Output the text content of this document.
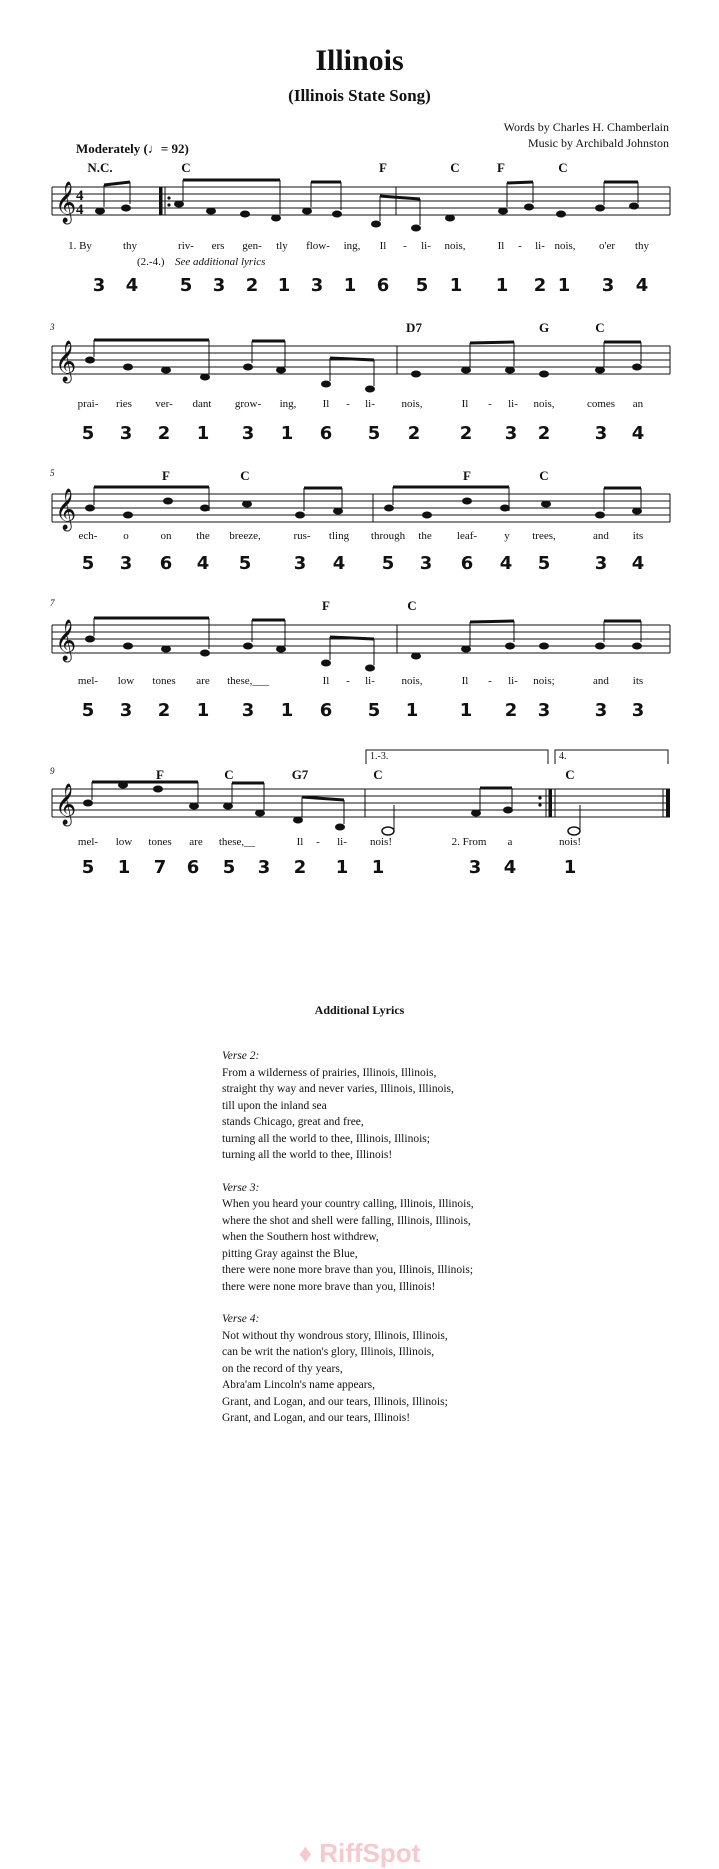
Illinois
(Illinois State Song)
Words by Charles H. Chamberlain
Music by Archibald Johnston
Moderately (♩= 92)
𝄞
𝄞
𝄞
𝄞
𝄞
4
4
3
5
7
9
1.-3.	4.
(2.-4.) See additional lyrics
N.C.	C	F	C	F	C
1. By	thy	riv- ers gen- tly flow- ing, Il - li- nois,	Il - li- nois, o'er thy
3 4 5 3 2 1 3 1 6 5 1 1 2 1 3 4
D7	G	C
prai- ries ver- dant grow- ing, Il - li- nois,	Il - li- nois,	comes an
5 3 2 1 3 1 6 5 2 2 3 2 3 4
F	C	F	C
ech- o	on the breeze,	rus- tling through the leaf- y trees,	and its
5 3 6 4 5 3 4 5 3 6 4 5 3 4
F	C
mel- low tones are these,___	Il - li- nois,	Il - li- nois;	and its
5 3 2 1 3 1 6 5 1 1 2 3 3 3
F	C	G7	C	C
mel- low tones are these,__	Il - li- nois!	2. From a	nois!
5 1 7 6 5 3 2 1 1	3 4	1
Additional Lyrics
Verse 2:
From a wilderness of prairies, Illinois, Illinois,
straight thy way and never varies, Illinois, Illinois,
till upon the inland sea
stands Chicago, great and free,
turning all the world to thee, Illinois, Illinois;
turning all the world to thee, Illinois!
Verse 3:
When you heard your country calling, Illinois, Illinois,
where the shot and shell were falling, Illinois, Illinois,
when the Southern host withdrew,
pitting Gray against the Blue,
there were none more brave than you, Illinois, Illinois;
there were none more brave than you, Illinois!
Verse 4:
Not without thy wondrous story, Illinois, Illinois,
can be writ the nation's glory, Illinois, Illinois,
on the record of thy years,
Abra'am Lincoln's name appears,
Grant, and Logan, and our tears, Illinois, Illinois;
Grant, and Logan, and our tears, Illinois!
♦ RiffSpot
